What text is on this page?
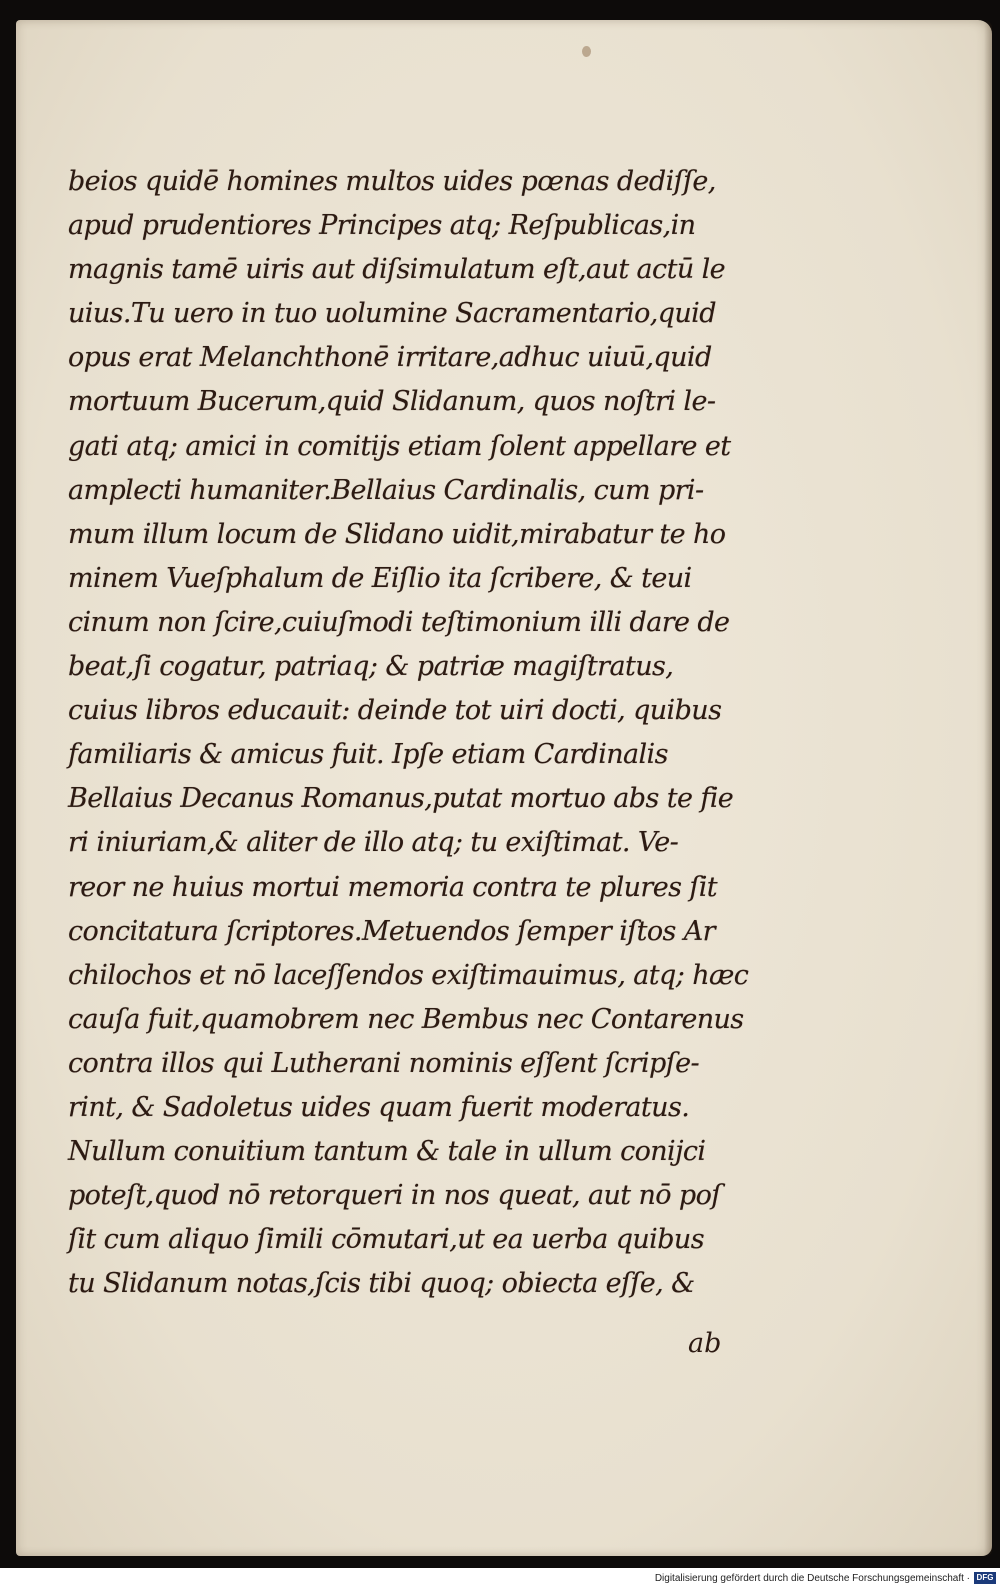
beios quidē homines multos uides pœnas dediſſe,
apud prudentiores Principes atq; Reſpublicas,in
magnis tamē uiris aut diſsimulatum eſt,aut actū le
uius.Tu uero in tuo uolumine Sacramentario,quid
opus erat Melanchthonē irritare,adhuc uiuū,quid
mortuum Bucerum,quid Slidanum, quos noſtri le-
gati atq; amici in comitijs etiam ſolent appellare et
amplecti humaniter.Bellaius Cardinalis, cum pri-
mum illum locum de Slidano uidit,mirabatur te ho
minem Vueſphalum de Eiſlio ita ſcribere, & teui
cinum non ſcire,cuiuſmodi teſtimonium illi dare de
beat,ſi cogatur, patriaq; & patriæ magiſtratus,
cuius libros educauit: deinde tot uiri docti, quibus
familiaris & amicus fuit. Ipſe etiam Cardinalis
Bellaius Decanus Romanus,putat mortuo abs te fie
ri iniuriam,& aliter de illo atq; tu exiſtimat. Ve-
reor ne huius mortui memoria contra te plures ſit
concitatura ſcriptores.Metuendos ſemper iſtos Ar
chilochos et nō laceſſendos exiſtimauimus, atq; hæc
cauſa fuit,quamobrem nec Bembus nec Contarenus
contra illos qui Lutherani nominis eſſent ſcripſe-
rint, & Sadoletus uides quam fuerit moderatus.
Nullum conuitium tantum & tale in ullum conijci
poteſt,quod nō retorqueri in nos queat, aut nō poſ
ſit cum aliquo ſimili cōmutari,ut ea uerba quibus
tu Slidanum notas,ſcis tibi quoq; obiecta eſſe, &
ab
Digitalisierung gefördert durch die Deutsche Forschungsgemeinschaft · DFG
